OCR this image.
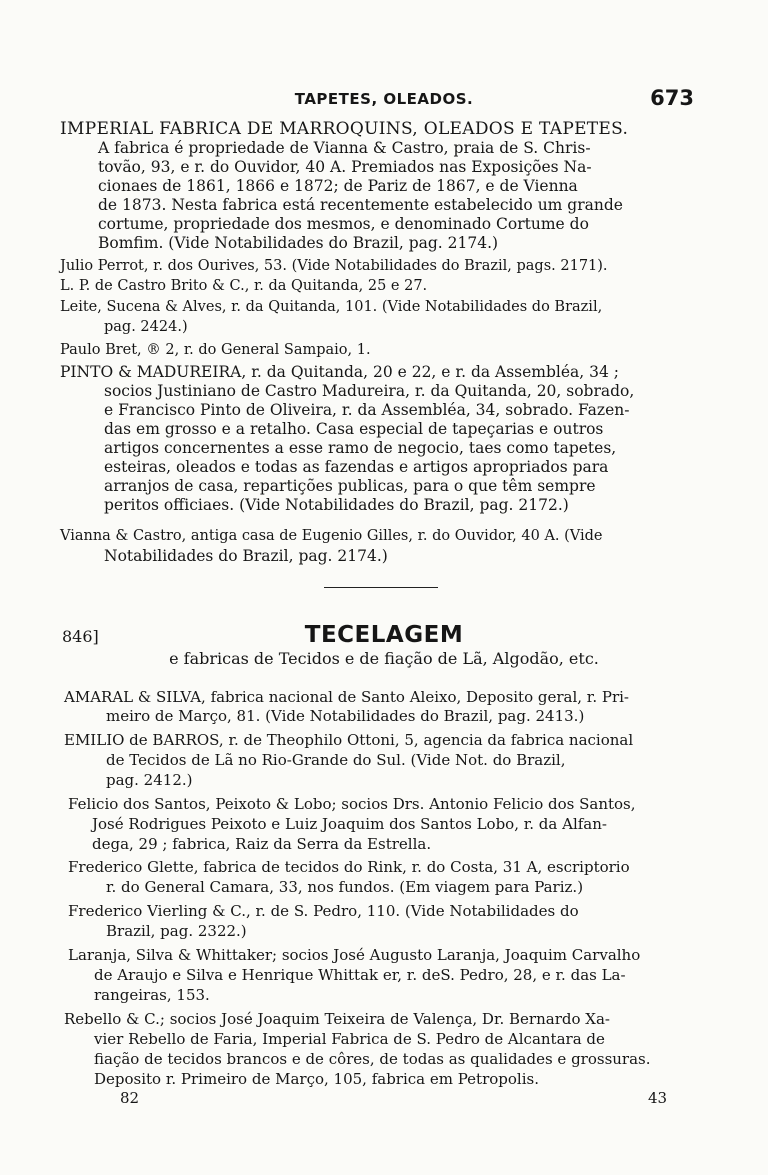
TAPETES, OLEADOS.	673
IMPERIAL FABRICA DE MARROQUINS, OLEADOS E TAPETES.
A fabrica é propriedade de Vianna & Castro, praia de S. Chris-
tovão, 93, e r. do Ouvidor, 40 A. Premiados nas Exposições Na-
cionaes de 1861, 1866 e 1872; de Pariz de 1867, e de Vienna
de 1873. Nesta fabrica está recentemente estabelecido um grande
cortume, propriedade dos mesmos, e denominado Cortume do
Bomfim. (Vide Notabilidades do Brazil, pag. 2174.)
Julio Perrot, r. dos Ourives, 53. (Vide Notabilidades do Brazil, pags. 2171).
L. P. de Castro Brito & C., r. da Quitanda, 25 e 27.
Leite, Sucena & Alves, r. da Quitanda, 101. (Vide Notabilidades do Brazil,
pag. 2424.)
Paulo Bret, ® 2, r. do General Sampaio, 1.
PINTO & MADUREIRA, r. da Quitanda, 20 e 22, e r. da Assembléa, 34 ;
socios Justiniano de Castro Madureira, r. da Quitanda, 20, sobrado,
e Francisco Pinto de Oliveira, r. da Assembléa, 34, sobrado. Fazen-
das em grosso e a retalho. Casa especial de tapeçarias e outros
artigos concernentes a esse ramo de negocio, taes como tapetes,
esteiras, oleados e todas as fazendas e artigos apropriados para
arranjos de casa, repartições publicas, para o que têm sempre
peritos officiaes. (Vide Notabilidades do Brazil, pag. 2172.)
Vianna & Castro, antiga casa de Eugenio Gilles, r. do Ouvidor, 40 A. (Vide
Notabilidades do Brazil, pag. 2174.)
846]	TECELAGEM
e fabricas de Tecidos e de fiação de Lã, Algodão, etc.
AMARAL & SILVA, fabrica nacional de Santo Aleixo, Deposito geral, r. Pri-
meiro de Março, 81. (Vide Notabilidades do Brazil, pag. 2413.)
EMILIO de BARROS, r. de Theophilo Ottoni, 5, agencia da fabrica nacional
de Tecidos de Lã no Rio-Grande do Sul. (Vide Not. do Brazil,
pag. 2412.)
Felicio dos Santos, Peixoto & Lobo; socios Drs. Antonio Felicio dos Santos,
José Rodrigues Peixoto e Luiz Joaquim dos Santos Lobo, r. da Alfan-
dega, 29 ; fabrica, Raiz da Serra da Estrella.
Frederico Glette, fabrica de tecidos do Rink, r. do Costa, 31 A, escriptorio
r. do General Camara, 33, nos fundos. (Em viagem para Pariz.)
Frederico Vierling & C., r. de S. Pedro, 110. (Vide Notabilidades do
Brazil, pag. 2322.)
Laranja, Silva & Whittaker; socios José Augusto Laranja, Joaquim Carvalho
de Araujo e Silva e Henrique Whittak er, r. deS. Pedro, 28, e r. das La-
rangeiras, 153.
Rebello & C.; socios José Joaquim Teixeira de Valença, Dr. Bernardo Xa-
vier Rebello de Faria, Imperial Fabrica de S. Pedro de Alcantara de
fiação de tecidos brancos e de côres, de todas as qualidades e grossuras.
Deposito r. Primeiro de Março, 105, fabrica em Petropolis.
82	43
